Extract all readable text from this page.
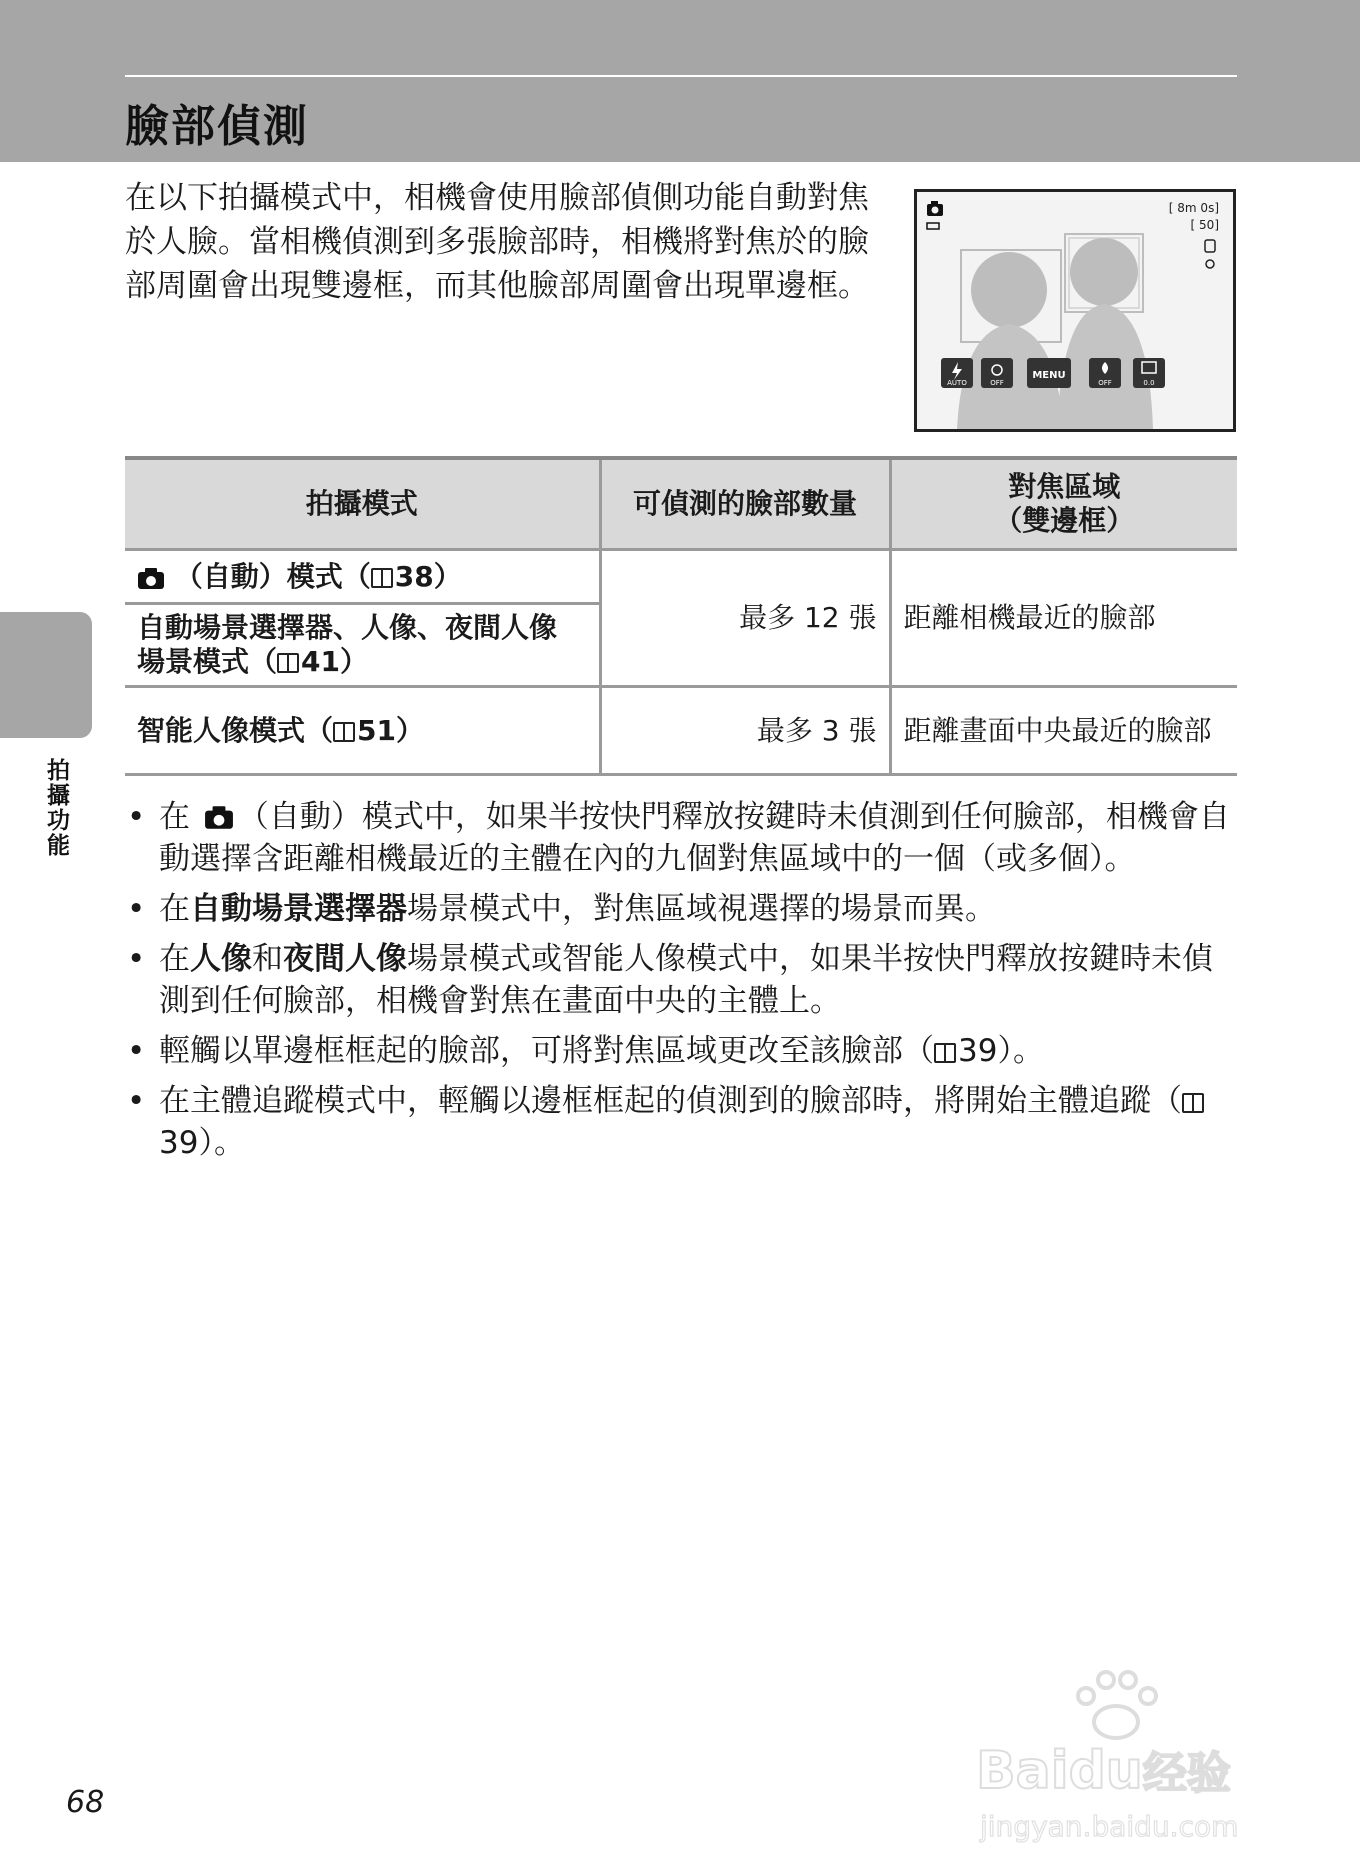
臉部偵測
拍攝功能

在以下拍攝模式中，相機會使用臉部偵側功能自動對焦於人臉。當相機偵測到多張臉部時，相機將對焦於的臉部周圍會出現雙邊框，而其他臉部周圍會出現單邊框。

[ 8m 0s]
[ 50]
AUTO	OFF
MENU
OFF	0.0
拍攝模式	可偵測的臉部數量	對焦區域
（雙邊框）
（自動）模式（ 38）	最多 12 張	距離相機最近的臉部
自動場景選擇器、人像、夜間人像
場景模式（ 41）		
智能人像模式（ 51）	最多 3 張	距離畫面中央最近的臉部
• 在 （自動）模式中，如果半按快門釋放按鍵時未偵測到任何臉部，相機會自動選擇含距離相機最近的主體在內的九個對焦區域中的一個（或多個）。
• 在自動場景選擇器場景模式中，對焦區域視選擇的場景而異。
• 在人像和夜間人像場景模式或智能人像模式中，如果半按快門釋放按鍵時未偵測到任何臉部，相機會對焦在畫面中央的主體上。
• 輕觸以單邊框框起的臉部，可將對焦區域更改至該臉部（ 39）。
• 在主體追蹤模式中，輕觸以邊框框起的偵測到的臉部時，將開始主體追蹤（39）。
68
Baidu经验
jingyan.baidu.com
